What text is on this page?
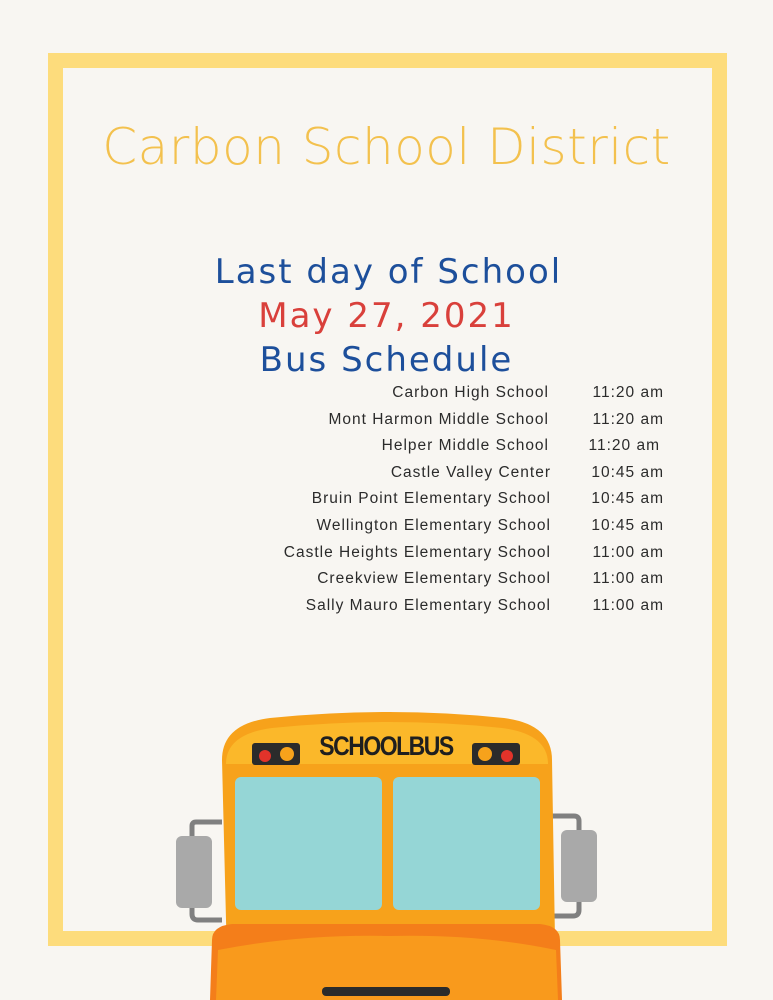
Carbon School District
Last day of School
May 27, 2021
Bus Schedule
Carbon High School	11:20 am
Mont Harmon Middle School	11:20 am
Helper Middle School	11:20 am
Castle Valley Center	10:45 am
Bruin Point Elementary School	10:45 am
Wellington Elementary School	10:45 am
Castle Heights Elementary School	11:00 am
Creekview Elementary School	11:00 am
Sally Mauro Elementary School	11:00 am
SCHOOLBUS
